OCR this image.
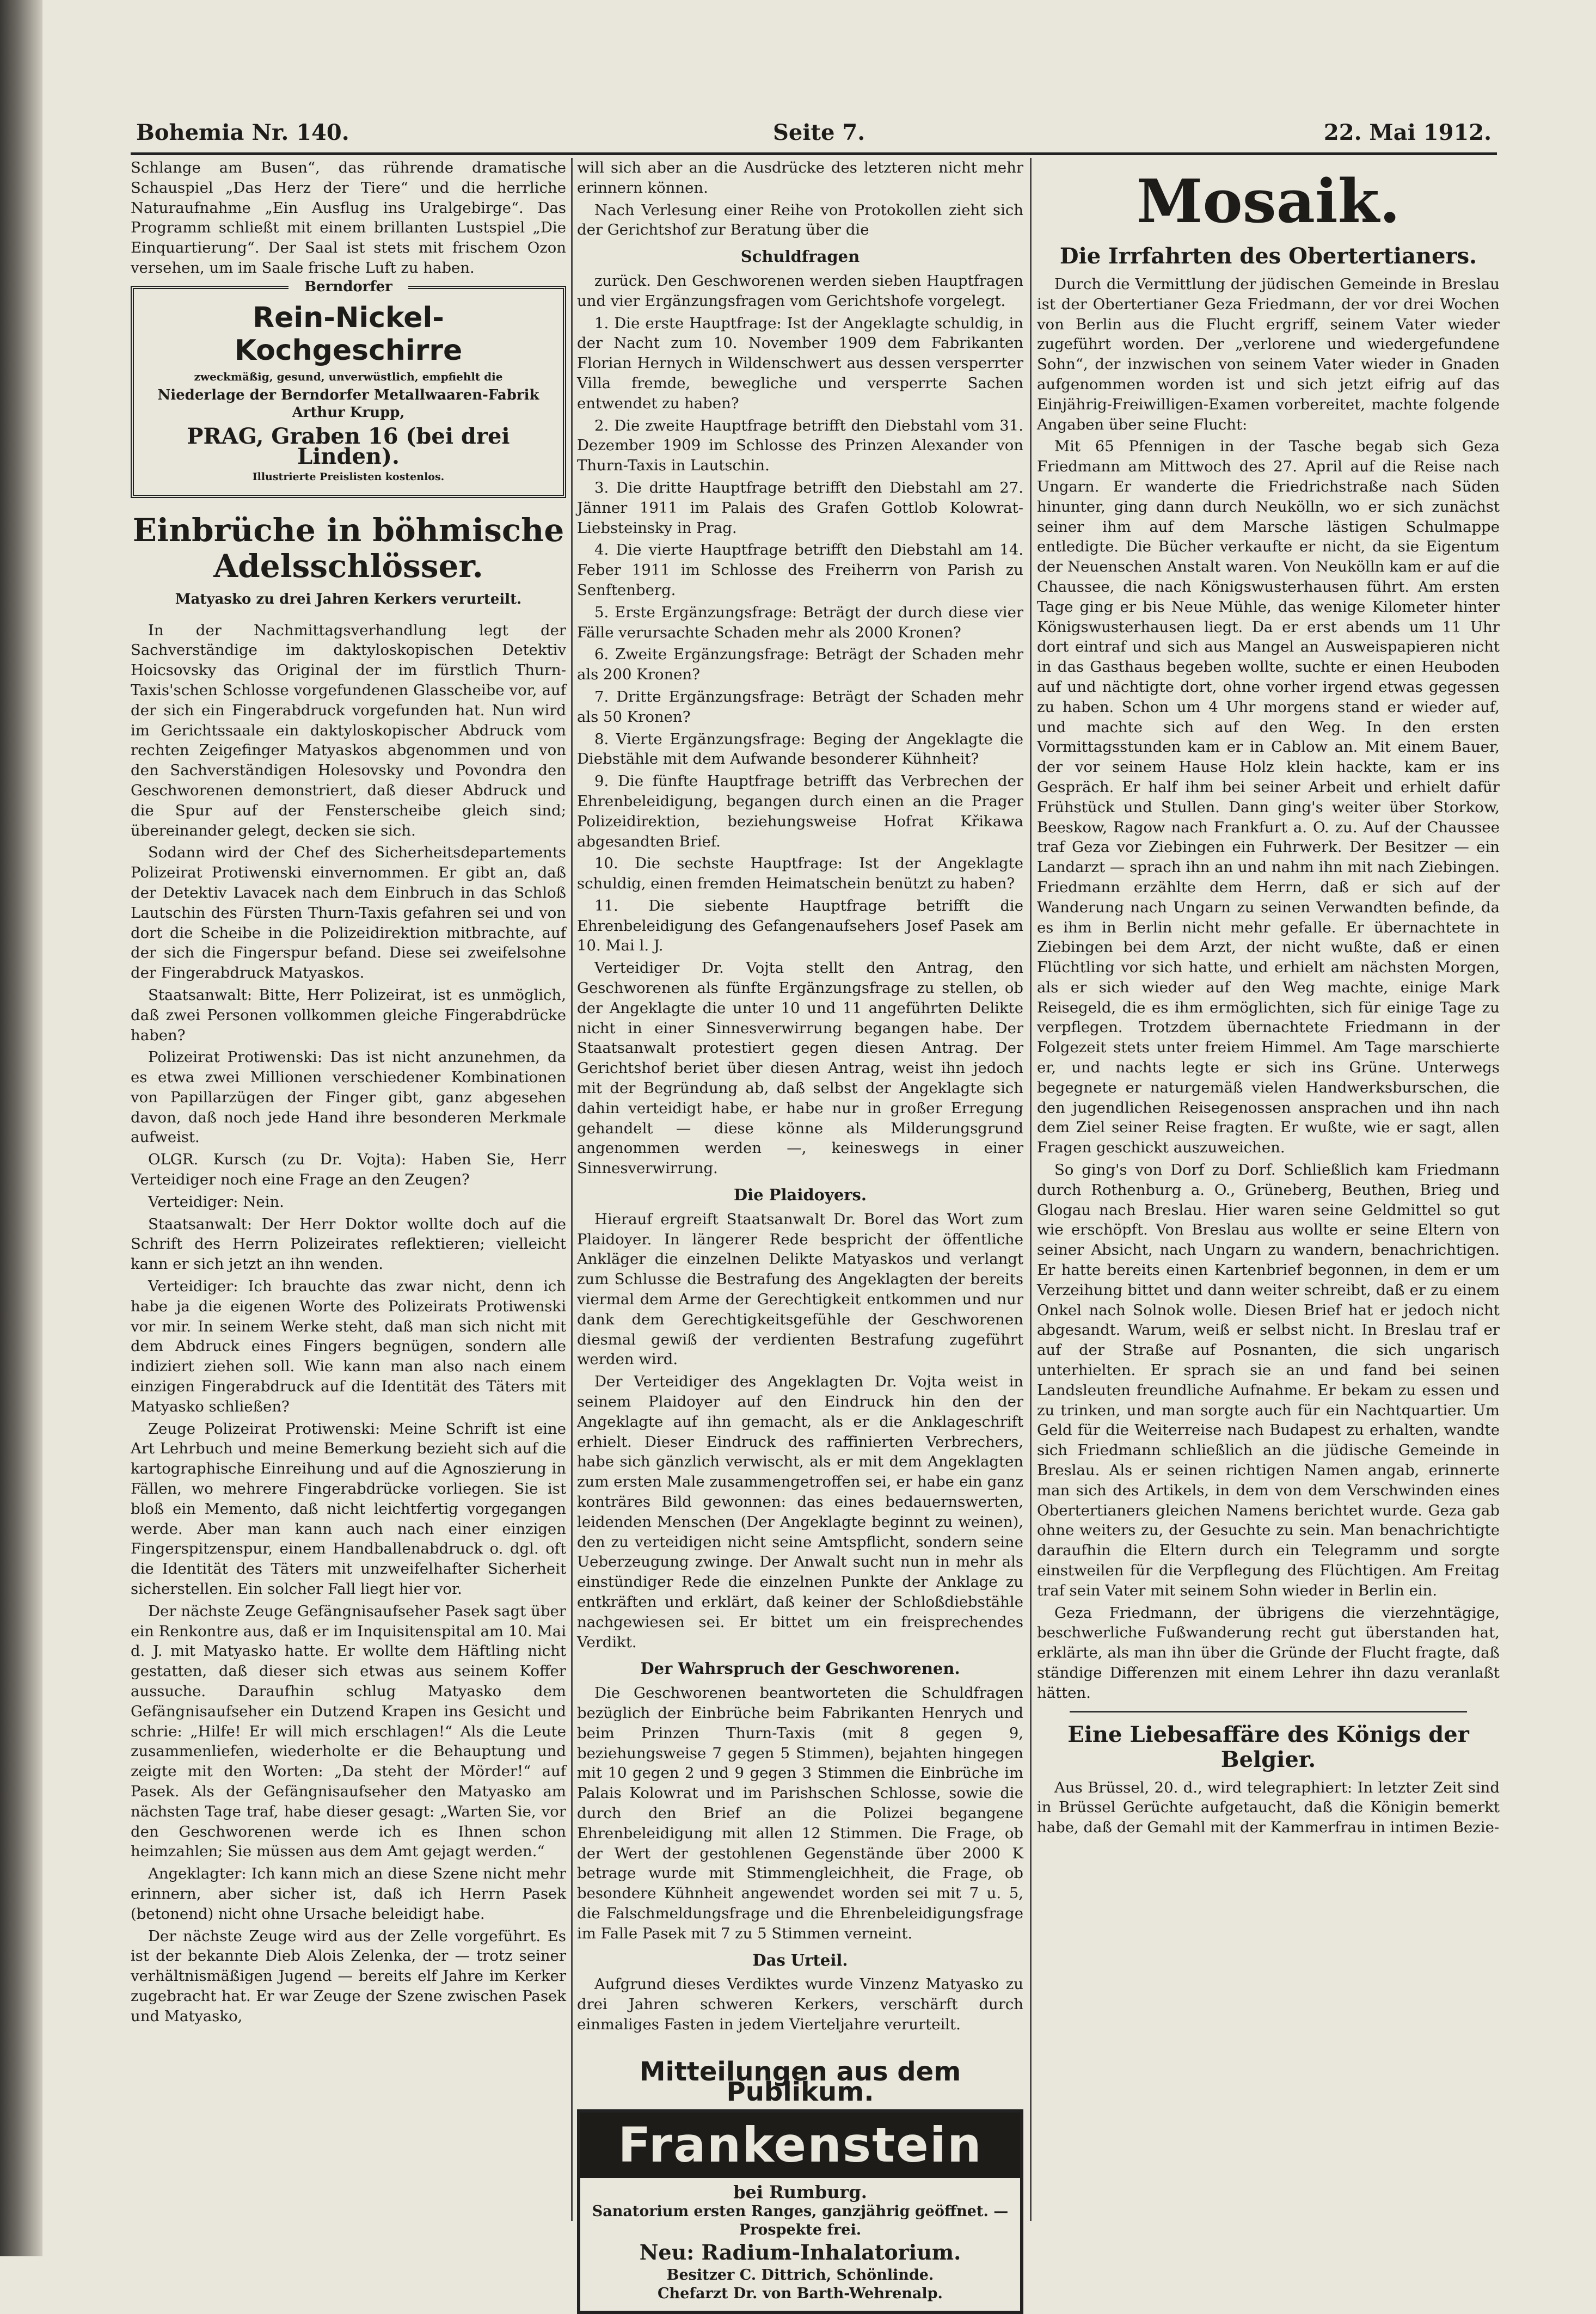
Bohemia Nr. 140.	Seite 7.	22. Mai 1912.

Schlange am Busen“, das rührende dramatische Schauspiel „Das Herz der Tiere“ und die herrliche Naturaufnahme „Ein Ausflug ins Uralgebirge“. Das Programm schließt mit einem brillanten Lustspiel „Die Einquartierung“. Der Saal ist stets mit frischem Ozon versehen, um im Saale frische Luft zu haben.

Berndorfer
Rein-Nickel-Kochgeschirre
zweckmäßig, gesund, unverwüstlich, empfiehlt die
Niederlage der Berndorfer Metallwaaren-Fabrik Arthur Krupp,
PRAG, Graben 16 (bei drei Linden).
Illustrierte Preislisten kostenlos.
Einbrüche in böhmische Adelsschlösser.
Matyasko zu drei Jahren Kerkers verurteilt.

In der Nachmittagsverhandlung legt der Sachverständige im daktyloskopischen Detektiv Hoicsovsky das Original der im fürstlich Thurn-Taxis'schen Schlosse vorgefundenen Glasscheibe vor, auf der sich ein Fingerabdruck vorgefunden hat. Nun wird im Gerichtssaale ein daktyloskopischer Abdruck vom rechten Zeigefinger Matyaskos abgenommen und von den Sachverständigen Holesovsky und Povondra den Geschworenen demonstriert, daß dieser Abdruck und die Spur auf der Fensterscheibe gleich sind; übereinander gelegt, decken sie sich.

Sodann wird der Chef des Sicherheitsdepartements Polizeirat Protiwenski einvernommen. Er gibt an, daß der Detektiv Lavacek nach dem Einbruch in das Schloß Lautschin des Fürsten Thurn-Taxis gefahren sei und von dort die Scheibe in die Polizeidirektion mitbrachte, auf der sich die Fingerspur befand. Diese sei zweifelsohne der Fingerabdruck Matyaskos.

Staatsanwalt: Bitte, Herr Polizeirat, ist es unmöglich, daß zwei Personen vollkommen gleiche Fingerabdrücke haben?

Polizeirat Protiwenski: Das ist nicht anzunehmen, da es etwa zwei Millionen verschiedener Kombinationen von Papillarzügen der Finger gibt, ganz abgesehen davon, daß noch jede Hand ihre besonderen Merkmale aufweist.

OLGR. Kursch (zu Dr. Vojta): Haben Sie, Herr Verteidiger noch eine Frage an den Zeugen?

Verteidiger: Nein.

Staatsanwalt: Der Herr Doktor wollte doch auf die Schrift des Herrn Polizeirates reflektieren; vielleicht kann er sich jetzt an ihn wenden.

Verteidiger: Ich brauchte das zwar nicht, denn ich habe ja die eigenen Worte des Polizeirats Protiwenski vor mir. In seinem Werke steht, daß man sich nicht mit dem Abdruck eines Fingers begnügen, sondern alle indiziert ziehen soll. Wie kann man also nach einem einzigen Fingerabdruck auf die Identität des Täters mit Matyasko schließen?

Zeuge Polizeirat Protiwenski: Meine Schrift ist eine Art Lehrbuch und meine Bemerkung bezieht sich auf die kartographische Einreihung und auf die Agnoszierung in Fällen, wo mehrere Fingerabdrücke vorliegen. Sie ist bloß ein Memento, daß nicht leichtfertig vorgegangen werde. Aber man kann auch nach einer einzigen Fingerspitzenspur, einem Handballenabdruck o. dgl. oft die Identität des Täters mit unzweifelhafter Sicherheit sicherstellen. Ein solcher Fall liegt hier vor.

Der nächste Zeuge Gefängnisaufseher Pasek sagt über ein Renkontre aus, daß er im Inquisitenspital am 10. Mai d. J. mit Matyasko hatte. Er wollte dem Häftling nicht gestatten, daß dieser sich etwas aus seinem Koffer aussuche. Daraufhin schlug Matyasko dem Gefängnisaufseher ein Dutzend Krapen ins Gesicht und schrie: „Hilfe! Er will mich erschlagen!“ Als die Leute zusammenliefen, wiederholte er die Behauptung und zeigte mit den Worten: „Da steht der Mörder!“ auf Pasek. Als der Gefängnisaufseher den Matyasko am nächsten Tage traf, habe dieser gesagt: „Warten Sie, vor den Geschworenen werde ich es Ihnen schon heimzahlen; Sie müssen aus dem Amt gejagt werden.“

Angeklagter: Ich kann mich an diese Szene nicht mehr erinnern, aber sicher ist, daß ich Herrn Pasek (betonend) nicht ohne Ursache beleidigt habe.

Der nächste Zeuge wird aus der Zelle vorgeführt. Es ist der bekannte Dieb Alois Zelenka, der — trotz seiner verhältnismäßigen Jugend — bereits elf Jahre im Kerker zugebracht hat. Er war Zeuge der Szene zwischen Pasek und Matyasko,

will sich aber an die Ausdrücke des letzteren nicht mehr erinnern können.

Nach Verlesung einer Reihe von Protokollen zieht sich der Gerichtshof zur Beratung über die

Schuldfragen

zurück. Den Geschworenen werden sieben Hauptfragen und vier Ergänzungsfragen vom Gerichtshofe vorgelegt.

1. Die erste Hauptfrage: Ist der Angeklagte schuldig, in der Nacht zum 10. November 1909 dem Fabrikanten Florian Hernych in Wildenschwert aus dessen versperrter Villa fremde, bewegliche und versperrte Sachen entwendet zu haben?

2. Die zweite Hauptfrage betrifft den Diebstahl vom 31. Dezember 1909 im Schlosse des Prinzen Alexander von Thurn-Taxis in Lautschin.

3. Die dritte Hauptfrage betrifft den Diebstahl am 27. Jänner 1911 im Palais des Grafen Gottlob Kolowrat-Liebsteinsky in Prag.

4. Die vierte Hauptfrage betrifft den Diebstahl am 14. Feber 1911 im Schlosse des Freiherrn von Parish zu Senftenberg.

5. Erste Ergänzungsfrage: Beträgt der durch diese vier Fälle verursachte Schaden mehr als 2000 Kronen?

6. Zweite Ergänzungsfrage: Beträgt der Schaden mehr als 200 Kronen?

7. Dritte Ergänzungsfrage: Beträgt der Schaden mehr als 50 Kronen?

8. Vierte Ergänzungsfrage: Beging der Angeklagte die Diebstähle mit dem Aufwande besonderer Kühnheit?

9. Die fünfte Hauptfrage betrifft das Verbrechen der Ehrenbeleidigung, begangen durch einen an die Prager Polizeidirektion, beziehungsweise Hofrat Křikawa abgesandten Brief.

10. Die sechste Hauptfrage: Ist der Angeklagte schuldig, einen fremden Heimatschein benützt zu haben?

11. Die siebente Hauptfrage betrifft die Ehrenbeleidigung des Gefangenaufsehers Josef Pasek am 10. Mai l. J.

Verteidiger Dr. Vojta stellt den Antrag, den Geschworenen als fünfte Ergänzungsfrage zu stellen, ob der Angeklagte die unter 10 und 11 angeführten Delikte nicht in einer Sinnesverwirrung begangen habe. Der Staatsanwalt protestiert gegen diesen Antrag. Der Gerichtshof beriet über diesen Antrag, weist ihn jedoch mit der Begründung ab, daß selbst der Angeklagte sich dahin verteidigt habe, er habe nur in großer Erregung gehandelt — diese könne als Milderungsgrund angenommen werden —, keineswegs in einer Sinnesverwirrung.

Die Plaidoyers.

Hierauf ergreift Staatsanwalt Dr. Borel das Wort zum Plaidoyer. In längerer Rede bespricht der öffentliche Ankläger die einzelnen Delikte Matyaskos und verlangt zum Schlusse die Bestrafung des Angeklagten der bereits viermal dem Arme der Gerechtigkeit entkommen und nur dank dem Gerechtigkeitsgefühle der Geschworenen diesmal gewiß der verdienten Bestrafung zugeführt werden wird.

Der Verteidiger des Angeklagten Dr. Vojta weist in seinem Plaidoyer auf den Eindruck hin den der Angeklagte auf ihn gemacht, als er die Anklageschrift erhielt. Dieser Eindruck des raffinierten Verbrechers, habe sich gänzlich verwischt, als er mit dem Angeklagten zum ersten Male zusammengetroffen sei, er habe ein ganz konträres Bild gewonnen: das eines bedauernswerten, leidenden Menschen (Der Angeklagte beginnt zu weinen), den zu verteidigen nicht seine Amtspflicht, sondern seine Ueberzeugung zwinge. Der Anwalt sucht nun in mehr als einstündiger Rede die einzelnen Punkte der Anklage zu entkräften und erklärt, daß keiner der Schloßdiebstähle nachgewiesen sei. Er bittet um ein freisprechendes Verdikt.

Der Wahrspruch der Geschworenen.

Die Geschworenen beantworteten die Schuldfragen bezüglich der Einbrüche beim Fabrikanten Henrych und beim Prinzen Thurn-Taxis (mit 8 gegen 9, beziehungsweise 7 gegen 5 Stimmen), bejahten hingegen mit 10 gegen 2 und 9 gegen 3 Stimmen die Einbrüche im Palais Kolowrat und im Parishschen Schlosse, sowie die durch den Brief an die Polizei begangene Ehrenbeleidigung mit allen 12 Stimmen. Die Frage, ob der Wert der gestohlenen Gegenstände über 2000 K betrage wurde mit Stimmengleichheit, die Frage, ob besondere Kühnheit angewendet worden sei mit 7 u. 5, die Falschmeldungsfrage und die Ehrenbeleidigungsfrage im Falle Pasek mit 7 zu 5 Stimmen verneint.

Das Urteil.

Aufgrund dieses Verdiktes wurde Vinzenz Matyasko zu drei Jahren schweren Kerkers, verschärft durch einmaliges Fasten in jedem Vierteljahre verurteilt.

Mitteilungen aus dem Publikum.
Frankenstein
bei Rumburg.
Sanatorium ersten Ranges, ganzjährig geöffnet. — Prospekte frei.
Neu: Radium-Inhalatorium.
Besitzer C. Dittrich, Schönlinde.
Chefarzt Dr. von Barth-Wehrenalp.
Mosaik.
Die Irrfahrten des Obertertianers.

Durch die Vermittlung der jüdischen Gemeinde in Breslau ist der Obertertianer Geza Friedmann, der vor drei Wochen von Berlin aus die Flucht ergriff, seinem Vater wieder zugeführt worden. Der „verlorene und wiedergefundene Sohn“, der inzwischen von seinem Vater wieder in Gnaden aufgenommen worden ist und sich jetzt eifrig auf das Einjährig-Freiwilligen-Examen vorbereitet, machte folgende Angaben über seine Flucht:

Mit 65 Pfennigen in der Tasche begab sich Geza Friedmann am Mittwoch des 27. April auf die Reise nach Ungarn. Er wanderte die Friedrichstraße nach Süden hinunter, ging dann durch Neukölln, wo er sich zunächst seiner ihm auf dem Marsche lästigen Schulmappe entledigte. Die Bücher verkaufte er nicht, da sie Eigentum der Neuenschen Anstalt waren. Von Neukölln kam er auf die Chaussee, die nach Königswusterhausen führt. Am ersten Tage ging er bis Neue Mühle, das wenige Kilometer hinter Königswusterhausen liegt. Da er erst abends um 11 Uhr dort eintraf und sich aus Mangel an Ausweispapieren nicht in das Gasthaus begeben wollte, suchte er einen Heuboden auf und nächtigte dort, ohne vorher irgend etwas gegessen zu haben. Schon um 4 Uhr morgens stand er wieder auf, und machte sich auf den Weg. In den ersten Vormittagsstunden kam er in Cablow an. Mit einem Bauer, der vor seinem Hause Holz klein hackte, kam er ins Gespräch. Er half ihm bei seiner Arbeit und erhielt dafür Frühstück und Stullen. Dann ging's weiter über Storkow, Beeskow, Ragow nach Frankfurt a. O. zu. Auf der Chaussee traf Geza vor Ziebingen ein Fuhrwerk. Der Besitzer — ein Landarzt — sprach ihn an und nahm ihn mit nach Ziebingen. Friedmann erzählte dem Herrn, daß er sich auf der Wanderung nach Ungarn zu seinen Verwandten befinde, da es ihm in Berlin nicht mehr gefalle. Er übernachtete in Ziebingen bei dem Arzt, der nicht wußte, daß er einen Flüchtling vor sich hatte, und erhielt am nächsten Morgen, als er sich wieder auf den Weg machte, einige Mark Reisegeld, die es ihm ermöglichten, sich für einige Tage zu verpflegen. Trotzdem übernachtete Friedmann in der Folgezeit stets unter freiem Himmel. Am Tage marschierte er, und nachts legte er sich ins Grüne. Unterwegs begegnete er naturgemäß vielen Handwerksburschen, die den jugendlichen Reisegenossen ansprachen und ihn nach dem Ziel seiner Reise fragten. Er wußte, wie er sagt, allen Fragen geschickt auszuweichen.

So ging's von Dorf zu Dorf. Schließlich kam Friedmann durch Rothenburg a. O., Grüneberg, Beuthen, Brieg und Glogau nach Breslau. Hier waren seine Geldmittel so gut wie erschöpft. Von Breslau aus wollte er seine Eltern von seiner Absicht, nach Ungarn zu wandern, benachrichtigen. Er hatte bereits einen Kartenbrief begonnen, in dem er um Verzeihung bittet und dann weiter schreibt, daß er zu einem Onkel nach Solnok wolle. Diesen Brief hat er jedoch nicht abgesandt. Warum, weiß er selbst nicht. In Breslau traf er auf der Straße auf Posnanten, die sich ungarisch unterhielten. Er sprach sie an und fand bei seinen Landsleuten freundliche Aufnahme. Er bekam zu essen und zu trinken, und man sorgte auch für ein Nachtquartier. Um Geld für die Weiterreise nach Budapest zu erhalten, wandte sich Friedmann schließlich an die jüdische Gemeinde in Breslau. Als er seinen richtigen Namen angab, erinnerte man sich des Artikels, in dem von dem Verschwinden eines Obertertianers gleichen Namens berichtet wurde. Geza gab ohne weiters zu, der Gesuchte zu sein. Man benachrichtigte daraufhin die Eltern durch ein Telegramm und sorgte einstweilen für die Verpflegung des Flüchtigen. Am Freitag traf sein Vater mit seinem Sohn wieder in Berlin ein.

Geza Friedmann, der übrigens die vierzehntägige, beschwerliche Fußwanderung recht gut überstanden hat, erklärte, als man ihn über die Gründe der Flucht fragte, daß ständige Differenzen mit einem Lehrer ihn dazu veranlaßt hätten.

Eine Liebesaffäre des Königs der Belgier.

Aus Brüssel, 20. d., wird telegraphiert: In letzter Zeit sind in Brüssel Gerüchte aufgetaucht, daß die Königin bemerkt habe, daß der Gemahl mit der Kammerfrau in intimen Bezie-
